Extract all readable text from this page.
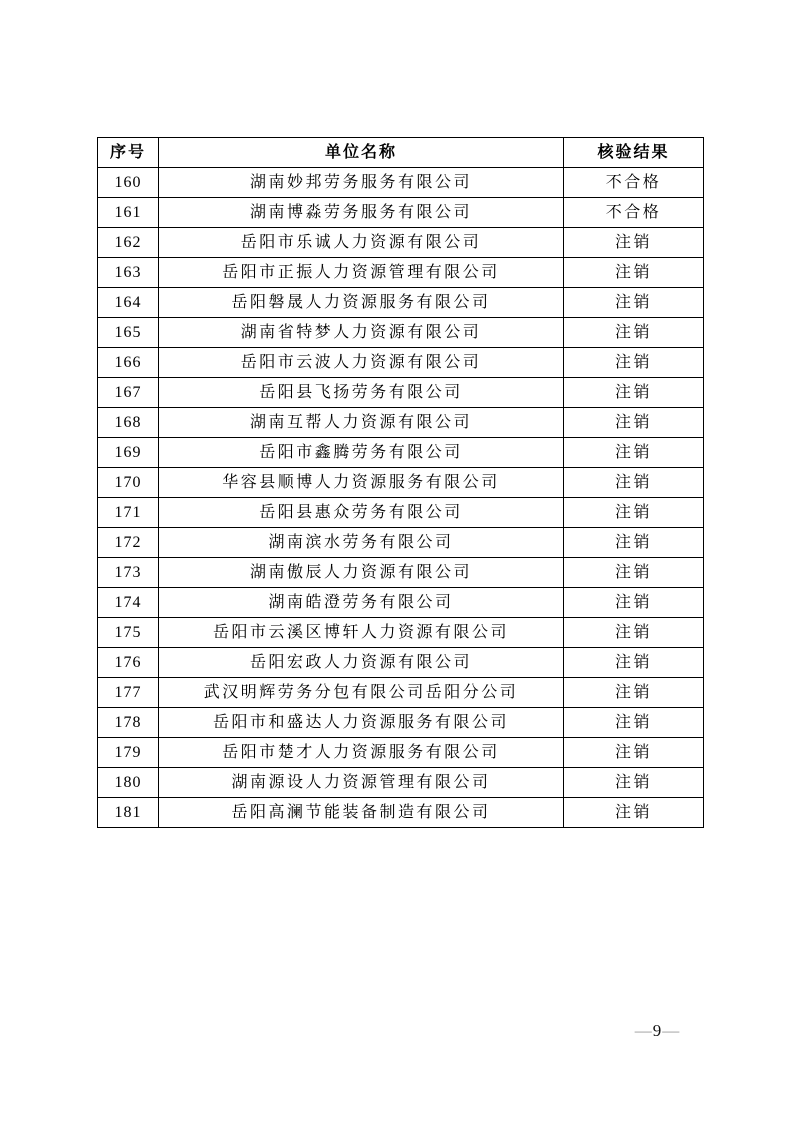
序号	单位名称	核验结果
160	湖南妙邦劳务服务有限公司	不合格
161	湖南博淼劳务服务有限公司	不合格
162	岳阳市乐诚人力资源有限公司	注销
163	岳阳市正振人力资源管理有限公司	注销
164	岳阳磐晟人力资源服务有限公司	注销
165	湖南省特梦人力资源有限公司	注销
166	岳阳市云波人力资源有限公司	注销
167	岳阳县飞扬劳务有限公司	注销
168	湖南互帮人力资源有限公司	注销
169	岳阳市鑫腾劳务有限公司	注销
170	华容县顺博人力资源服务有限公司	注销
171	岳阳县惠众劳务有限公司	注销
172	湖南滨水劳务有限公司	注销
173	湖南傲辰人力资源有限公司	注销
174	湖南皓澄劳务有限公司	注销
175	岳阳市云溪区博轩人力资源有限公司	注销
176	岳阳宏政人力资源有限公司	注销
177	武汉明辉劳务分包有限公司岳阳分公司	注销
178	岳阳市和盛达人力资源服务有限公司	注销
179	岳阳市楚才人力资源服务有限公司	注销
180	湖南源设人力资源管理有限公司	注销
181	岳阳高澜节能装备制造有限公司	注销
—9—
